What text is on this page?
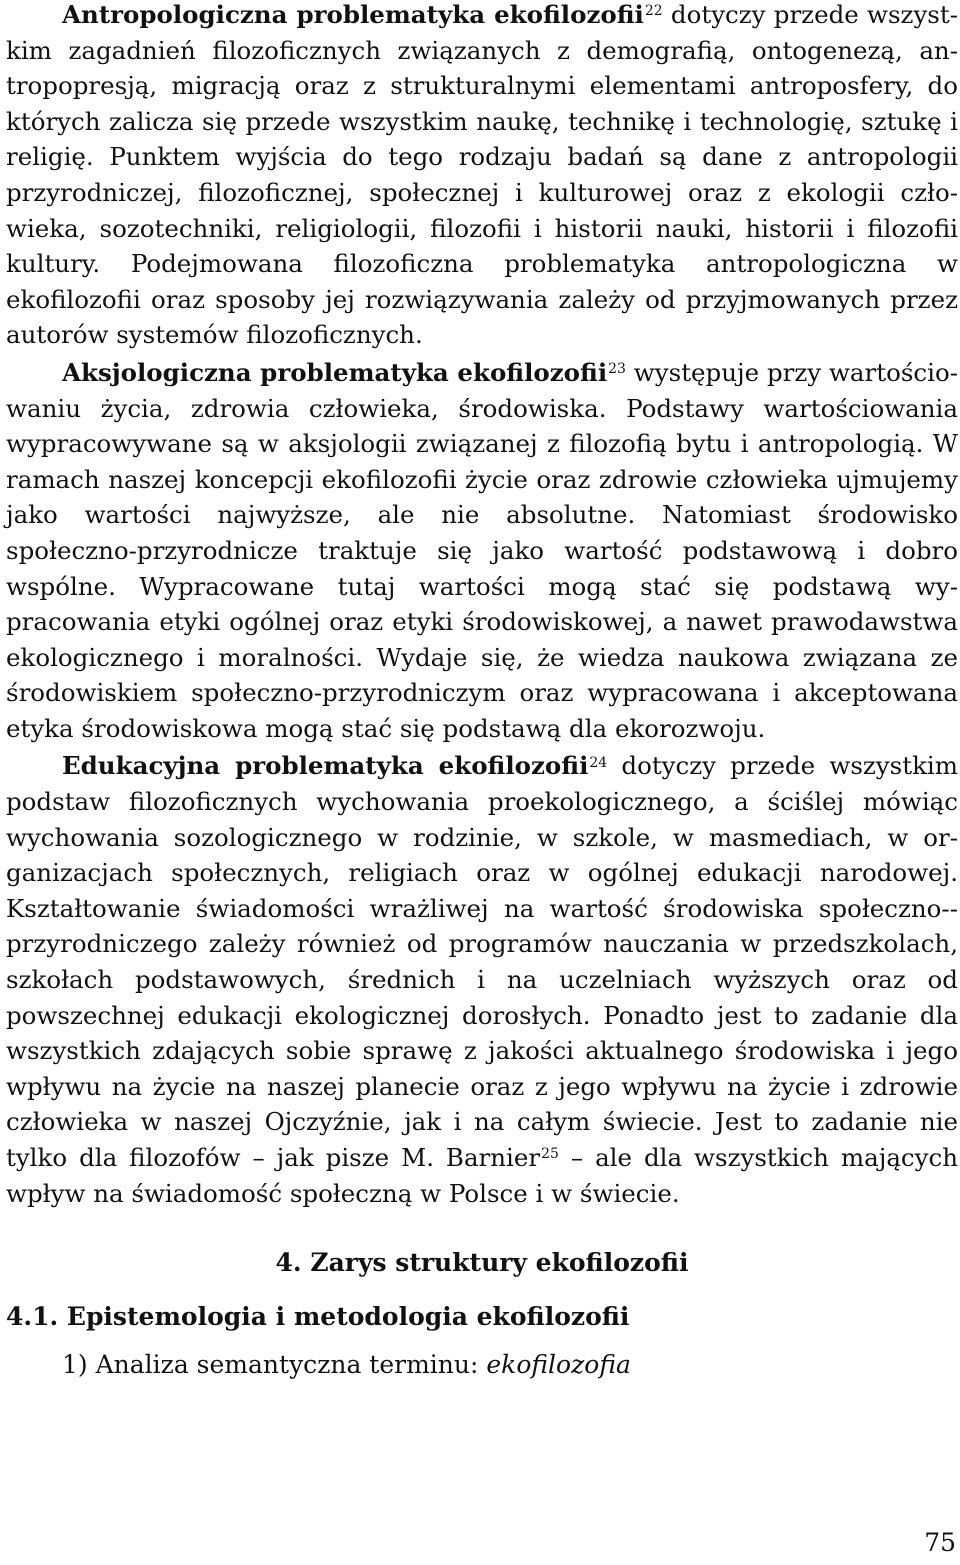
Antropologiczna problematyka ekofilozofii$^{22}$ dotyczy przede wszystkim zagadnień filozoficznych związanych z demografią, ontogenezą, antropopresją, migracją oraz z strukturalnymi elementami antroposfery, do których zalicza się przede wszystkim naukę, technikę i technologię, sztukę i religię. Punktem wyjścia do tego rodzaju badań są dane z antropologii przyrodniczej, filozoficznej, społecznej i kulturowej oraz z ekologii człowieka, sozotechniki, religiologii, filozofii i historii nauki, historii i filozofii kultury. Podejmowana filozoficzna problematyka antropologiczna w ekofilozofii oraz sposoby jej rozwiązywania zależy od przyjmowanych przez autorów systemów filozoficznych.

Aksjologiczna problematyka ekofilozofii$^{23}$ występuje przy wartościowaniu życia, zdrowia człowieka, środowiska. Podstawy wartościowania wypracowywane są w aksjologii związanej z filozofią bytu i antropologią. W ramach naszej koncepcji ekofilozofii życie oraz zdrowie człowieka ujmujemy jako wartości najwyższe, ale nie absolutne. Natomiast środowisko społeczno-przyrodnicze traktuje się jako wartość podstawową i dobro wspólne. Wypracowane tutaj wartości mogą stać się podstawą wypracowania etyki ogólnej oraz etyki środowiskowej, a nawet prawodawstwa ekologicznego i moralności. Wydaje się, że wiedza naukowa związana ze środowiskiem społeczno-przyrodniczym oraz wypracowana i akceptowana etyka środowiskowa mogą stać się podstawą dla ekorozwoju.

Edukacyjna problematyka ekofilozofii$^{24}$ dotyczy przede wszystkim podstaw filozoficznych wychowania proekologicznego, a ściślej mówiąc wychowania sozologicznego w rodzinie, w szkole, w masmediach, w organizacjach społecznych, religiach oraz w ogólnej edukacji narodowej. Kształtowanie świadomości wrażliwej na wartość środowiska społeczno-przyrodniczego zależy również od programów nauczania w przedszkolach, szkołach podstawowych, średnich i na uczelniach wyższych oraz od powszechnej edukacji ekologicznej dorosłych. Ponadto jest to zadanie dla wszystkich zdających sobie sprawę z jakości aktualnego środowiska i jego wpływu na życie na naszej planecie oraz z jego wpływu na życie i zdrowie człowieka w naszej Ojczyźnie, jak i na całym świecie. Jest to zadanie nie tylko dla filozofów – jak pisze M. Barnier$^{25}$ – ale dla wszystkich mających wpływ na świadomość społeczną w Polsce i w świecie.

4. Zarys struktury ekofilozofii
4.1. Epistemologia i metodologia ekofilozofii
1) Analiza semantyczna terminu: ekofilozofia
75
